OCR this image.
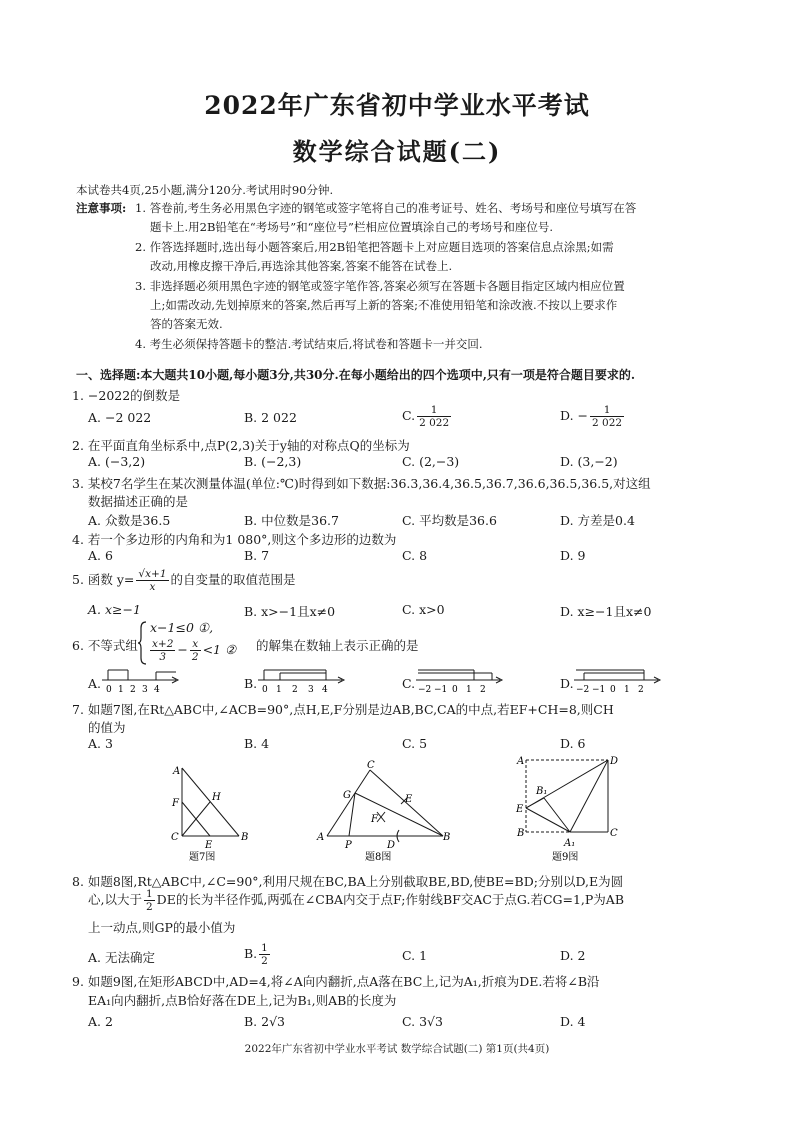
2022年广东省初中学业水平考试
数学综合试题(二)
本试卷共4页,25小题,满分120分.考试用时90分钟.
注意事项: 1. 答卷前,考生务必用黑色字迹的钢笔或签字笔将自己的准考证号、姓名、考场号和座位号填写在答
题卡上.用2B铅笔在“考场号”和“座位号”栏相应位置填涂自己的考场号和座位号.
2. 作答选择题时,选出每小题答案后,用2B铅笔把答题卡上对应题目选项的答案信息点涂黑;如需
改动,用橡皮擦干净后,再选涂其他答案,答案不能答在试卷上.
3. 非选择题必须用黑色字迹的钢笔或签字笔作答,答案必须写在答题卡各题目指定区域内相应位置
上;如需改动,先划掉原来的答案,然后再写上新的答案;不准使用铅笔和涂改液.不按以上要求作
答的答案无效.
4. 考生必须保持答题卡的整洁.考试结束后,将试卷和答题卡一并交回.
一、选择题:本大题共10小题,每小题3分,共30分.在每小题给出的四个选项中,只有一项是符合题目要求的.
1. −2022的倒数是
A. −2 022	B. 2 022	C. $\frac{1}{2 022}$	D. − $\frac{1}{2 022}$
2. 在平面直角坐标系中,点P(2,3)关于y轴的对称点Q的坐标为
A. (−3,2)	B. (−2,3)	C. (2,−3)	D. (3,−2)
3. 某校7名学生在某次测量体温(单位:℃)时得到如下数据:36.3,36.4,36.5,36.7,36.6,36.5,36.5,对这组
数据描述正确的是
A. 众数是36.5	B. 中位数是36.7	C. 平均数是36.6	D. 方差是0.4
4. 若一个多边形的内角和为1 080°,则这个多边形的边数为
A. 6	B. 7	C. 8	D. 9
5. 函数 $y= \frac{√x+1}{x}$ 的自变量的取值范围是
A. x≥−1	B. x>−1且x≠0	C. x>0	D. x≥−1且x≠0
6. 不等式组
x−1≤0 ①,
$\frac{x+2}{3} - \frac{x}{2} <1$ ② 的解集在数轴上表示正确的是
A. 0 1 2 3 4	B. 0 1 2 3 4	C. −2 −1 0 1 2	D. −2 −1 0 1 2
7. 如题7图,在Rt△ABC中,∠ACB=90°,点H,E,F分别是边AB,BC,CA的中点,若EF+CH=8,则CH
的值为
A. 3	B. 4	C. 5	D. 6
A
F
H
C
E
B
题7图
C
G	E
F
A
P	D
B
题8图
A	D
B₁
E
B
A₁
C
题9图
8. 如题8图,Rt△ABC中,∠C=90°,利用尺规在BC,BA上分别截取BE,BD,使BE=BD;分别以D,E为圆
心,以大于 $\frac{1}{2}$ DE的长为半径作弧,两弧在∠CBA内交于点F;作射线BF交AC于点G.若CG=1,P为AB
上一动点,则GP的最小值为
A. 无法确定	B. $\frac{1}{2}$	C. 1	D. 2
9. 如题9图,在矩形ABCD中,AD=4,将∠A向内翻折,点A落在BC上,记为A₁,折痕为DE.若将∠B沿
EA₁向内翻折,点B恰好落在DE上,记为B₁,则AB的长度为
A. 2	B. 2√3	C. 3√3	D. 4
2022年广东省初中学业水平考试 数学综合试题(二) 第1页(共4页)
